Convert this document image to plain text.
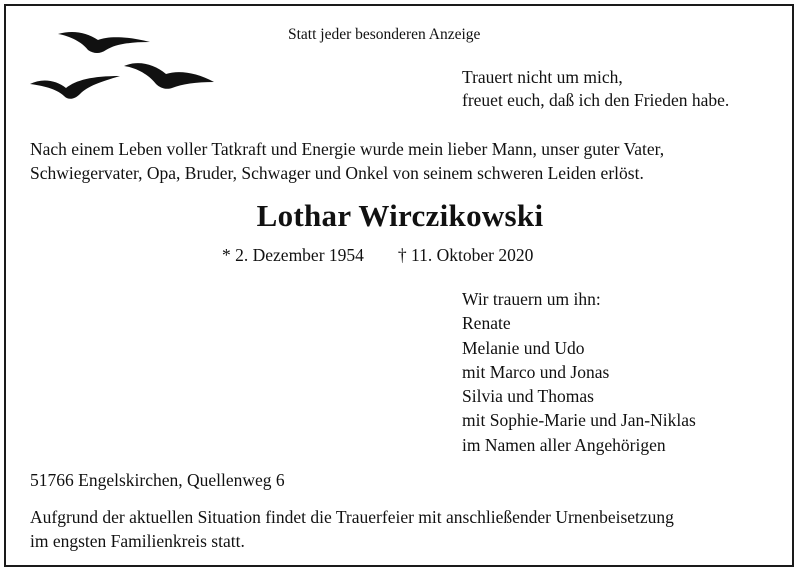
Statt jeder besonderen Anzeige
Trauert nicht um mich,
freuet euch, daß ich den Frieden habe.
Nach einem Leben voller Tatkraft und Energie wurde mein lieber Mann, unser guter Vater,
Schwiegervater, Opa, Bruder, Schwager und Onkel von seinem schweren Leiden erlöst.
Lothar Wirczikowski
* 2. Dezember 1954 † 11. Oktober 2020
Wir trauern um ihn:
Renate
Melanie und Udo
mit Marco und Jonas
Silvia und Thomas
mit Sophie-Marie und Jan-Niklas
im Namen aller Angehörigen
51766 Engelskirchen, Quellenweg 6
Aufgrund der aktuellen Situation findet die Trauerfeier mit anschließender Urnenbeisetzung
im engsten Familienkreis statt.
